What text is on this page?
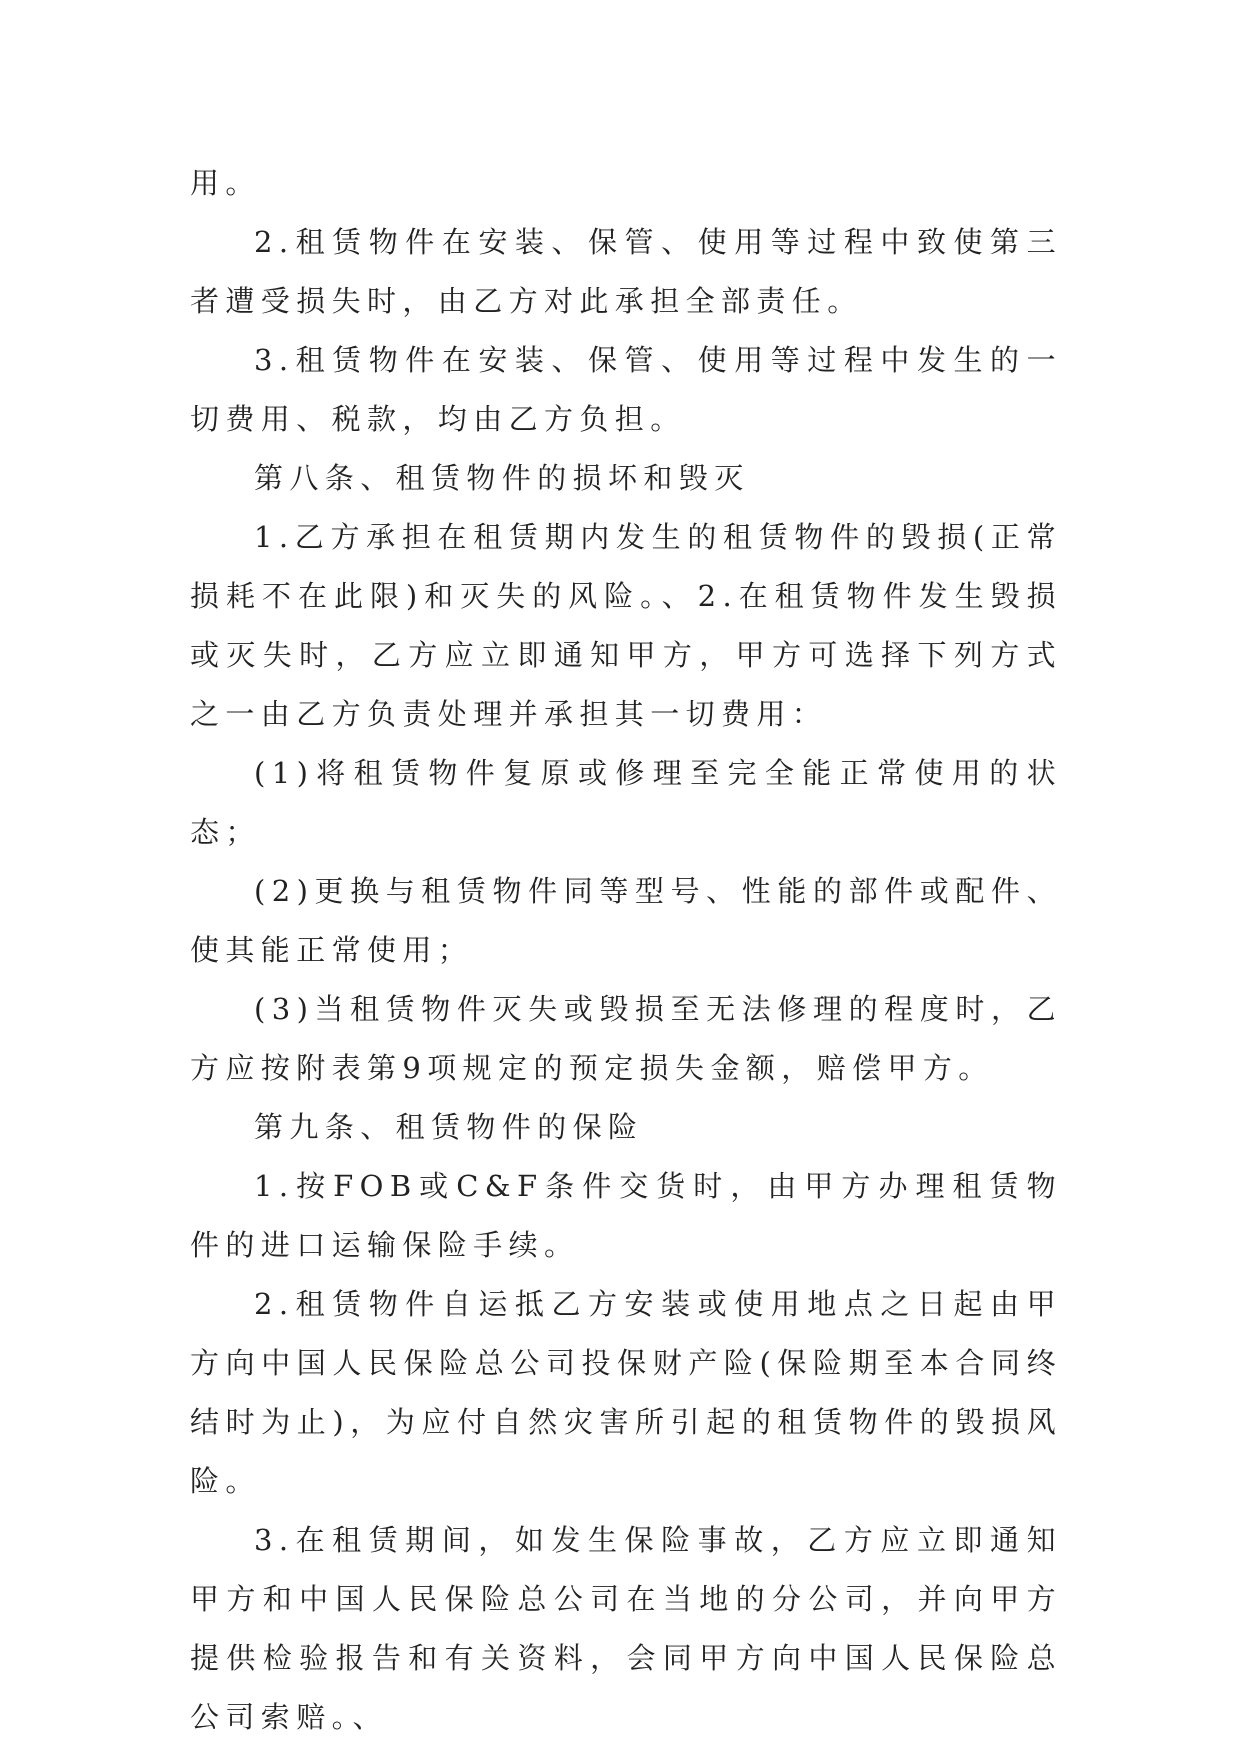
用。

2.租赁物件在安装、保管、使用等过程中致使第三者遭受损失时，由乙方对此承担全部责任。

3.租赁物件在安装、保管、使用等过程中发生的一切费用、税款，均由乙方负担。

第八条、租赁物件的损坏和毁灭

1.乙方承担在租赁期内发生的租赁物件的毁损(正常损耗不在此限)和灭失的风险。、2.在租赁物件发生毁损或灭失时，乙方应立即通知甲方，甲方可选择下列方式之一由乙方负责处理并承担其一切费用：

(1)将租赁物件复原或修理至完全能正常使用的状态；

(2)更换与租赁物件同等型号、性能的部件或配件、使其能正常使用；

(3)当租赁物件灭失或毁损至无法修理的程度时，乙方应按附表第9项规定的预定损失金额，赔偿甲方。

第九条、租赁物件的保险

1.按FOB或C&F条件交货时，由甲方办理租赁物件的进口运输保险手续。

2.租赁物件自运抵乙方安装或使用地点之日起由甲方向中国人民保险总公司投保财产险(保险期至本合同终结时为止)，为应付自然灾害所引起的租赁物件的毁损风险。

3.在租赁期间，如发生保险事故，乙方应立即通知甲方和中国人民保险总公司在当地的分公司，并向甲方提供检验报告和有关资料，会同甲方向中国人民保险总公司索赔。、
